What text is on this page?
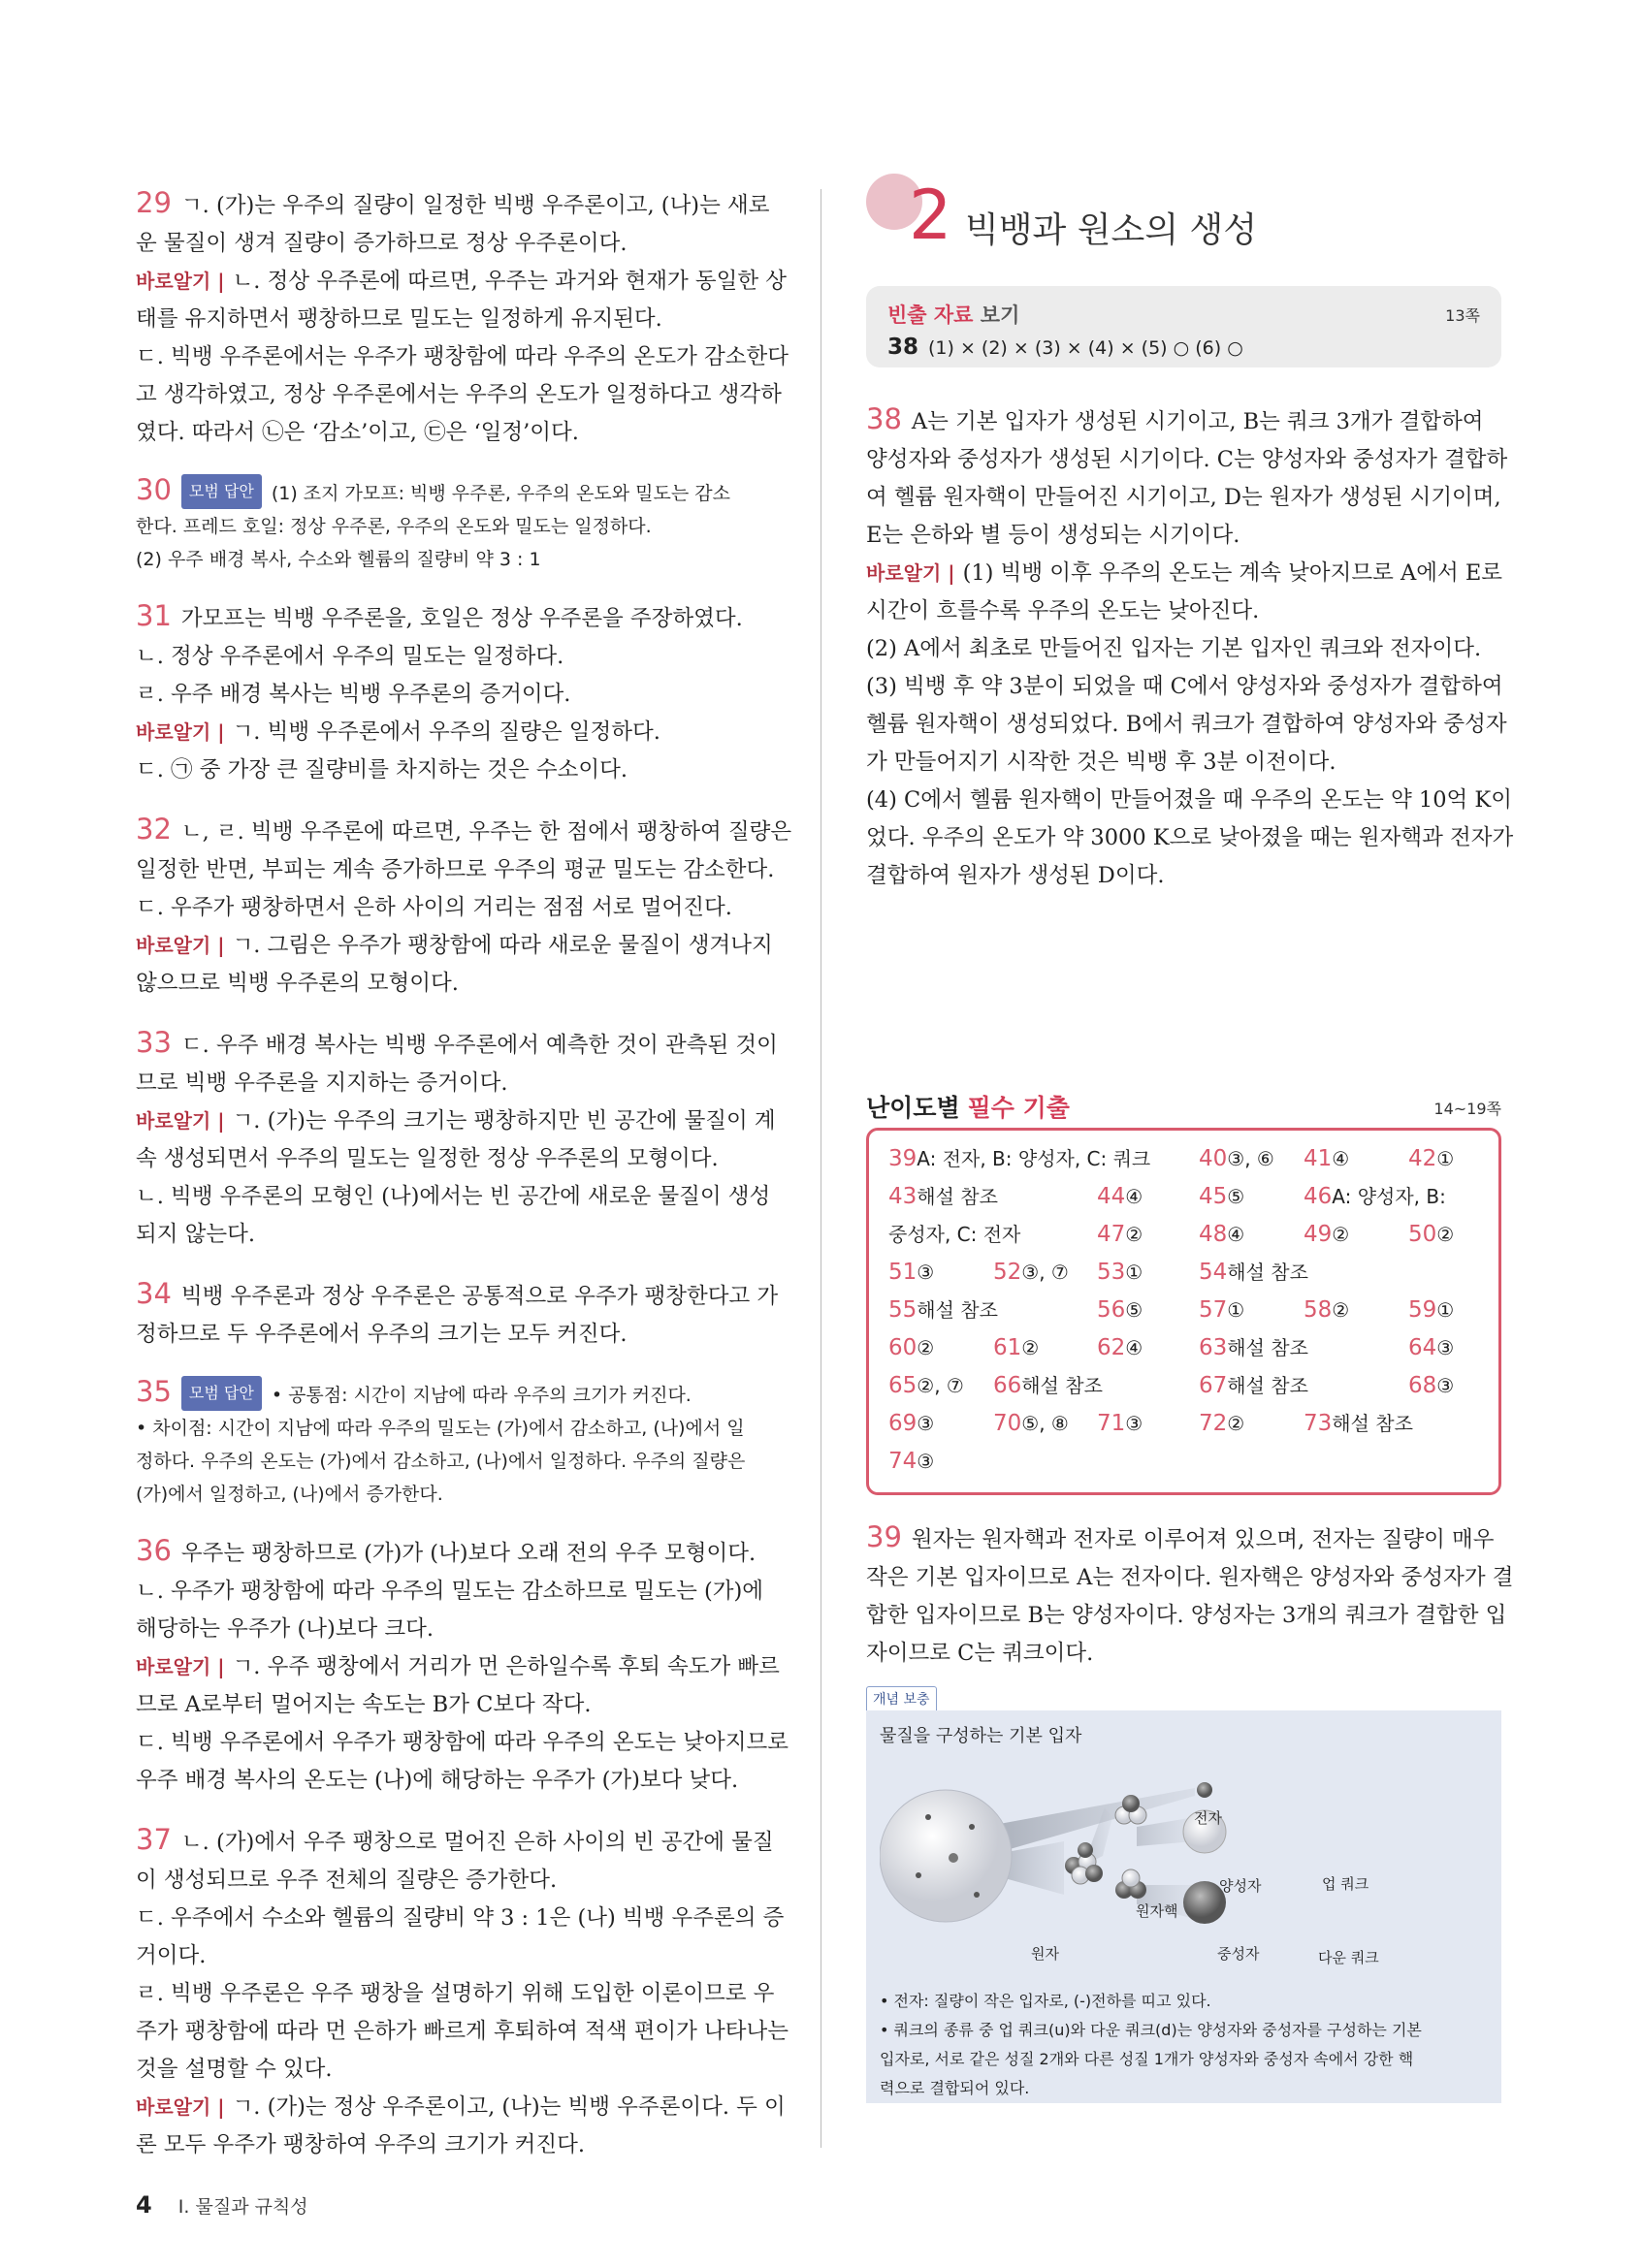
29 ㄱ. (가)는 우주의 질량이 일정한 빅뱅 우주론이고, (나)는 새로
운 물질이 생겨 질량이 증가하므로 정상 우주론이다.
바로알기 | ㄴ. 정상 우주론에 따르면, 우주는 과거와 현재가 동일한 상
태를 유지하면서 팽창하므로 밀도는 일정하게 유지된다.
ㄷ. 빅뱅 우주론에서는 우주가 팽창함에 따라 우주의 온도가 감소한다
고 생각하였고, 정상 우주론에서는 우주의 온도가 일정하다고 생각하
였다. 따라서 ㉡은 ‘감소’이고, ㉢은 ‘일정’이다.
30 모범 답안 (1) 조지 가모프: 빅뱅 우주론, 우주의 온도와 밀도는 감소
한다. 프레드 호일: 정상 우주론, 우주의 온도와 밀도는 일정하다.
(2) 우주 배경 복사, 수소와 헬륨의 질량비 약 3 : 1
31 가모프는 빅뱅 우주론을, 호일은 정상 우주론을 주장하였다.
ㄴ. 정상 우주론에서 우주의 밀도는 일정하다.
ㄹ. 우주 배경 복사는 빅뱅 우주론의 증거이다.
바로알기 | ㄱ. 빅뱅 우주론에서 우주의 질량은 일정하다.
ㄷ. ㉠ 중 가장 큰 질량비를 차지하는 것은 수소이다.
32 ㄴ, ㄹ. 빅뱅 우주론에 따르면, 우주는 한 점에서 팽창하여 질량은
일정한 반면, 부피는 계속 증가하므로 우주의 평균 밀도는 감소한다.
ㄷ. 우주가 팽창하면서 은하 사이의 거리는 점점 서로 멀어진다.
바로알기 | ㄱ. 그림은 우주가 팽창함에 따라 새로운 물질이 생겨나지
않으므로 빅뱅 우주론의 모형이다.
33 ㄷ. 우주 배경 복사는 빅뱅 우주론에서 예측한 것이 관측된 것이
므로 빅뱅 우주론을 지지하는 증거이다.
바로알기 | ㄱ. (가)는 우주의 크기는 팽창하지만 빈 공간에 물질이 계
속 생성되면서 우주의 밀도는 일정한 정상 우주론의 모형이다.
ㄴ. 빅뱅 우주론의 모형인 (나)에서는 빈 공간에 새로운 물질이 생성
되지 않는다.
34 빅뱅 우주론과 정상 우주론은 공통적으로 우주가 팽창한다고 가
정하므로 두 우주론에서 우주의 크기는 모두 커진다.
35 모범 답안 • 공통점: 시간이 지남에 따라 우주의 크기가 커진다.
• 차이점: 시간이 지남에 따라 우주의 밀도는 (가)에서 감소하고, (나)에서 일
정하다. 우주의 온도는 (가)에서 감소하고, (나)에서 일정하다. 우주의 질량은
(가)에서 일정하고, (나)에서 증가한다.
36 우주는 팽창하므로 (가)가 (나)보다 오래 전의 우주 모형이다.
ㄴ. 우주가 팽창함에 따라 우주의 밀도는 감소하므로 밀도는 (가)에
해당하는 우주가 (나)보다 크다.
바로알기 | ㄱ. 우주 팽창에서 거리가 먼 은하일수록 후퇴 속도가 빠르
므로 A로부터 멀어지는 속도는 B가 C보다 작다.
ㄷ. 빅뱅 우주론에서 우주가 팽창함에 따라 우주의 온도는 낮아지므로
우주 배경 복사의 온도는 (나)에 해당하는 우주가 (가)보다 낮다.
37 ㄴ. (가)에서 우주 팽창으로 멀어진 은하 사이의 빈 공간에 물질
이 생성되므로 우주 전체의 질량은 증가한다.
ㄷ. 우주에서 수소와 헬륨의 질량비 약 3 : 1은 (나) 빅뱅 우주론의 증
거이다.
ㄹ. 빅뱅 우주론은 우주 팽창을 설명하기 위해 도입한 이론이므로 우
주가 팽창함에 따라 먼 은하가 빠르게 후퇴하여 적색 편이가 나타나는
것을 설명할 수 있다.
바로알기 | ㄱ. (가)는 정상 우주론이고, (나)는 빅뱅 우주론이다. 두 이
론 모두 우주가 팽창하여 우주의 크기가 커진다.
2 빅뱅과 원소의 생성
빈출 자료 보기	13쪽
38 (1) × (2) × (3) × (4) × (5) ○ (6) ○
38 A는 기본 입자가 생성된 시기이고, B는 쿼크 3개가 결합하여
양성자와 중성자가 생성된 시기이다. C는 양성자와 중성자가 결합하
여 헬륨 원자핵이 만들어진 시기이고, D는 원자가 생성된 시기이며,
E는 은하와 별 등이 생성되는 시기이다.
바로알기 | (1) 빅뱅 이후 우주의 온도는 계속 낮아지므로 A에서 E로
시간이 흐를수록 우주의 온도는 낮아진다.
(2) A에서 최초로 만들어진 입자는 기본 입자인 쿼크와 전자이다.
(3) 빅뱅 후 약 3분이 되었을 때 C에서 양성자와 중성자가 결합하여
헬륨 원자핵이 생성되었다. B에서 쿼크가 결합하여 양성자와 중성자
가 만들어지기 시작한 것은 빅뱅 후 3분 이전이다.
(4) C에서 헬륨 원자핵이 만들어졌을 때 우주의 온도는 약 10억 K이
었다. 우주의 온도가 약 3000 K으로 낮아졌을 때는 원자핵과 전자가
결합하여 원자가 생성된 D이다.
난이도별 필수 기출	14~19쪽
39A: 전자, B: 양성자, C: 쿼크	40③, ⑥	41④	42①
43해설 참조	44④	45⑤	46A: 양성자, B:
중성자, C: 전자	47②	48④	49②	50②
51③	52③, ⑦	53①	54해설 참조
55해설 참조	56⑤	57①	58②	59①
60②	61②	62④	63해설 참조	64③
65②, ⑦	66해설 참조	67해설 참조	68③
69③	70⑤, ⑧	71③	72②	73해설 참조
74③
39 원자는 원자핵과 전자로 이루어져 있으며, 전자는 질량이 매우
작은 기본 입자이므로 A는 전자이다. 원자핵은 양성자와 중성자가 결
합한 입자이므로 B는 양성자이다. 양성자는 3개의 쿼크가 결합한 입
자이므로 C는 쿼크이다.
개념 보충
물질을 구성하는 기본 입자
전자
양성자	업 쿼크
원자핵
중성자	다운 쿼크
원자
• 전자: 질량이 작은 입자로, (-)전하를 띠고 있다.
• 쿼크의 종류 중 업 쿼크(u)와 다운 쿼크(d)는 양성자와 중성자를 구성하는 기본
입자로, 서로 같은 성질 2개와 다른 성질 1개가 양성자와 중성자 속에서 강한 핵
력으로 결합되어 있다.
4 I. 물질과 규칙성
